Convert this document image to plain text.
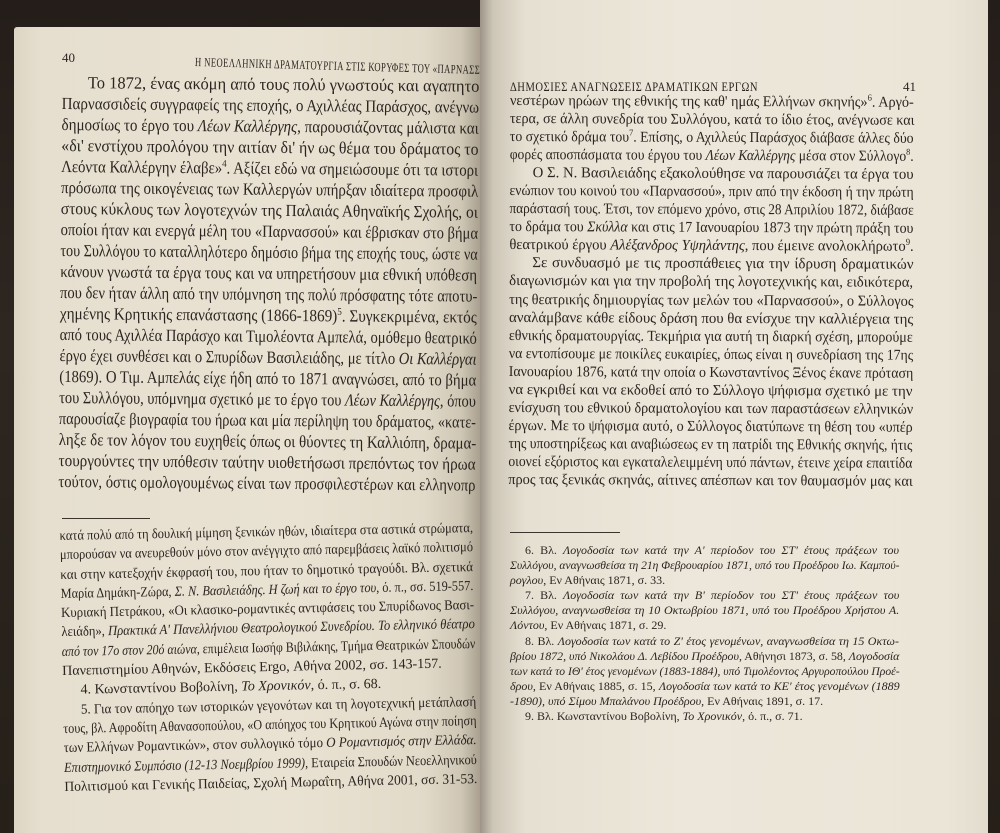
40	Η ΝΕΟΕΛΛΗΝΙΚΗ ΔΡΑΜΑΤΟΥΡΓΙΑ ΣΤΙΣ ΚΟΡΥΦΕΣ ΤΟΥ «ΠΑΡΝΑΣΣ
Το 1872, ένας ακόμη από τους πολύ γνωστούς και αγαπητο
Παρνασσιδείς συγγραφείς της εποχής, ο Αχιλλέας Παράσχος, ανέγνω
δημοσίως το έργο του Λέων Καλλέργης, παρουσιάζοντας μάλιστα και
«δι' ενστίχου προλόγου την αιτίαν δι' ήν ως θέμα του δράματος το
Λεόντα Καλλέργην έλαβε»$^4$. Αξίζει εδώ να σημειώσουμε ότι τα ιστορι
πρόσωπα της οικογένειας των Καλλεργών υπήρξαν ιδιαίτερα προσφιλ
στους κύκλους των λογοτεχνών της Παλαιάς Αθηναϊκής Σχολής, οι
οποίοι ήταν και ενεργά μέλη του «Παρνασσού» και έβρισκαν στο βήμα
του Συλλόγου το καταλληλότερο δημόσιο βήμα της εποχής τους, ώστε να
κάνουν γνωστά τα έργα τους και να υπηρετήσουν μια εθνική υπόθεση
που δεν ήταν άλλη από την υπόμνηση της πολύ πρόσφατης τότε αποτυ-
χημένης Κρητικής επανάστασης (1866-1869)$^5$. Συγκεκριμένα, εκτός
από τους Αχιλλέα Παράσχο και Τιμολέοντα Αμπελά, ομόθεμο θεατρικό
έργο έχει συνθέσει και ο Σπυρίδων Βασιλειάδης, με τίτλο Οι Καλλέργαι
(1869). Ο Τιμ. Αμπελάς είχε ήδη από το 1871 αναγνώσει, από το βήμα
του Συλλόγου, υπόμνημα σχετικό με το έργο του Λέων Καλλέργης, όπου
παρουσίαζε βιογραφία του ήρωα και μία περίληψη του δράματος, «κατε-
ληξε δε τον λόγον του ευχηθείς όπως οι θύοντες τη Καλλιόπη, δραμα-
τουργούντες την υπόθεσιν ταύτην υιοθετήσωσι πρεπόντως τον ήρωα
τούτον, όστις ομολογουμένως είναι των προσφιλεστέρων και ελληνοπρ
κατά πολύ από τη δουλική μίμηση ξενικών ηθών, ιδιαίτερα στα αστικά στρώματα,
μπορούσαν να ανευρεθούν μόνο στον ανέγγιχτο από παρεμβάσεις λαϊκό πολιτισμό
και στην κατεξοχήν έκφρασή του, που ήταν το δημοτικό τραγούδι. Βλ. σχετικά
Μαρία Δημάκη-Ζώρα, Σ. Ν. Βασιλειάδης. Η ζωή και το έργο του, ό. π., σσ. 519-557.
Κυριακή Πετράκου, «Οι κλασικο-ρομαντικές αντιφάσεις του Σπυρίδωνος Βασι-
λειάδη», Πρακτικά Α' Πανελλήνιου Θεατρολογικού Συνεδρίου. Το ελληνικό θέατρο
από τον 17ο στον 20ό αιώνα, επιμέλεια Ιωσήφ Βιβιλάκης, Τμήμα Θεατρικών Σπουδών
Πανεπιστημίου Αθηνών, Εκδόσεις Ergo, Αθήνα 2002, σσ. 143-157.
4. Κωνσταντίνου Βοβολίνη, Το Χρονικόν, ό. π., σ. 68.
5. Για τον απόηχο των ιστορικών γεγονότων και τη λογοτεχνική μετάπλασή
τους, βλ. Αφροδίτη Αθανασοπούλου, «Ο απόηχος του Κρητικού Αγώνα στην ποίηση
των Ελλήνων Ρομαντικών», στον συλλογικό τόμο Ο Ρομαντισμός στην Ελλάδα.
Επιστημονικό Συμπόσιο (12-13 Νοεμβρίου 1999), Εταιρεία Σπουδών Νεοελληνικού
Πολιτισμού και Γενικής Παιδείας, Σχολή Μωραΐτη, Αθήνα 2001, σσ. 31-53.
ΔΗΜΟΣΙΕΣ ΑΝΑΓΝΩΣΕΙΣ ΔΡΑΜΑΤΙΚΩΝ ΕΡΓΩΝ	41
νεστέρων ηρώων της εθνικής της καθ' ημάς Ελλήνων σκηνής»$^6$. Αργό-
τερα, σε άλλη συνεδρία του Συλλόγου, κατά το ίδιο έτος, ανέγνωσε και
το σχετικό δράμα του$^7$. Επίσης, ο Αχιλλεύς Παράσχος διάβασε άλλες δύο
φορές αποσπάσματα του έργου του Λέων Καλλέργης μέσα στον Σύλλογο$^8$.
Ο Σ. Ν. Βασιλειάδης εξακολούθησε να παρουσιάζει τα έργα του
ενώπιον του κοινού του «Παρνασσού», πριν από την έκδοση ή την πρώτη
παράστασή τους. Έτσι, τον επόμενο χρόνο, στις 28 Απριλίου 1872, διάβασε
το δράμα του Σκύλλα και στις 17 Ιανουαρίου 1873 την πρώτη πράξη του
θεατρικού έργου Αλέξανδρος Υψηλάντης, που έμεινε ανολοκλήρωτο$^9$.
Σε συνδυασμό με τις προσπάθειες για την ίδρυση δραματικών
διαγωνισμών και για την προβολή της λογοτεχνικής και, ειδικότερα,
της θεατρικής δημιουργίας των μελών του «Παρνασσού», ο Σύλλογος
αναλάμβανε κάθε είδους δράση που θα ενίσχυε την καλλιέργεια της
εθνικής δραματουργίας. Τεκμήρια για αυτή τη διαρκή σχέση, μπορούμε
να εντοπίσουμε με ποικίλες ευκαιρίες, όπως είναι η συνεδρίαση της 17ης
Ιανουαρίου 1876, κατά την οποία ο Κωνσταντίνος Ξένος έκανε πρόταση
να εγκριθεί και να εκδοθεί από το Σύλλογο ψήφισμα σχετικό με την
ενίσχυση του εθνικού δραματολογίου και των παραστάσεων ελληνικών
έργων. Με το ψήφισμα αυτό, ο Σύλλογος διατύπωνε τη θέση του «υπέρ
της υποστηρίξεως και αναβιώσεως εν τη πατρίδι της Εθνικής σκηνής, ήτις
οιονεί εξόριστος και εγκαταλελειμμένη υπό πάντων, έτεινε χείρα επαιτίδα
προς τας ξενικάς σκηνάς, αίτινες απέσπων και τον θαυμασμόν μας και
6. Βλ. Λογοδοσία των κατά την Α' περίοδον του ΣΤ' έτους πράξεων του
Συλλόγου, αναγνωσθείσα τη 21η Φεβρουαρίου 1871, υπό του Προέδρου Ιω. Καμπού-
ρογλου, Εν Αθήναις 1871, σ. 33.
7. Βλ. Λογοδοσία των κατά την Β' περίοδον του ΣΤ' έτους πράξεων του
Συλλόγου, αναγνωσθείσα τη 10 Οκτωβρίου 1871, υπό του Προέδρου Χρήστου Α.
Λόντου, Εν Αθήναις 1871, σ. 29.
8. Βλ. Λογοδοσία των κατά το Ζ' έτος γενομένων, αναγνωσθείσα τη 15 Οκτω-
βρίου 1872, υπό Νικολάου Δ. Λεβίδου Προέδρου, Αθήνησι 1873, σ. 58, Λογοδοσία
των κατά το ΙΘ' έτος γενομένων (1883-1884), υπό Τιμολέοντος Αργυροπούλου Προέ-
δρου, Εν Αθήναις 1885, σ. 15, Λογοδοσία των κατά το ΚΕ' έτος γενομένων (1889
-1890), υπό Σίμου Μπαλάνου Προέδρου, Εν Αθήναις 1891, σ. 17.
9. Βλ. Κωνσταντίνου Βοβολίνη, Το Χρονικόν, ό. π., σ. 71.
